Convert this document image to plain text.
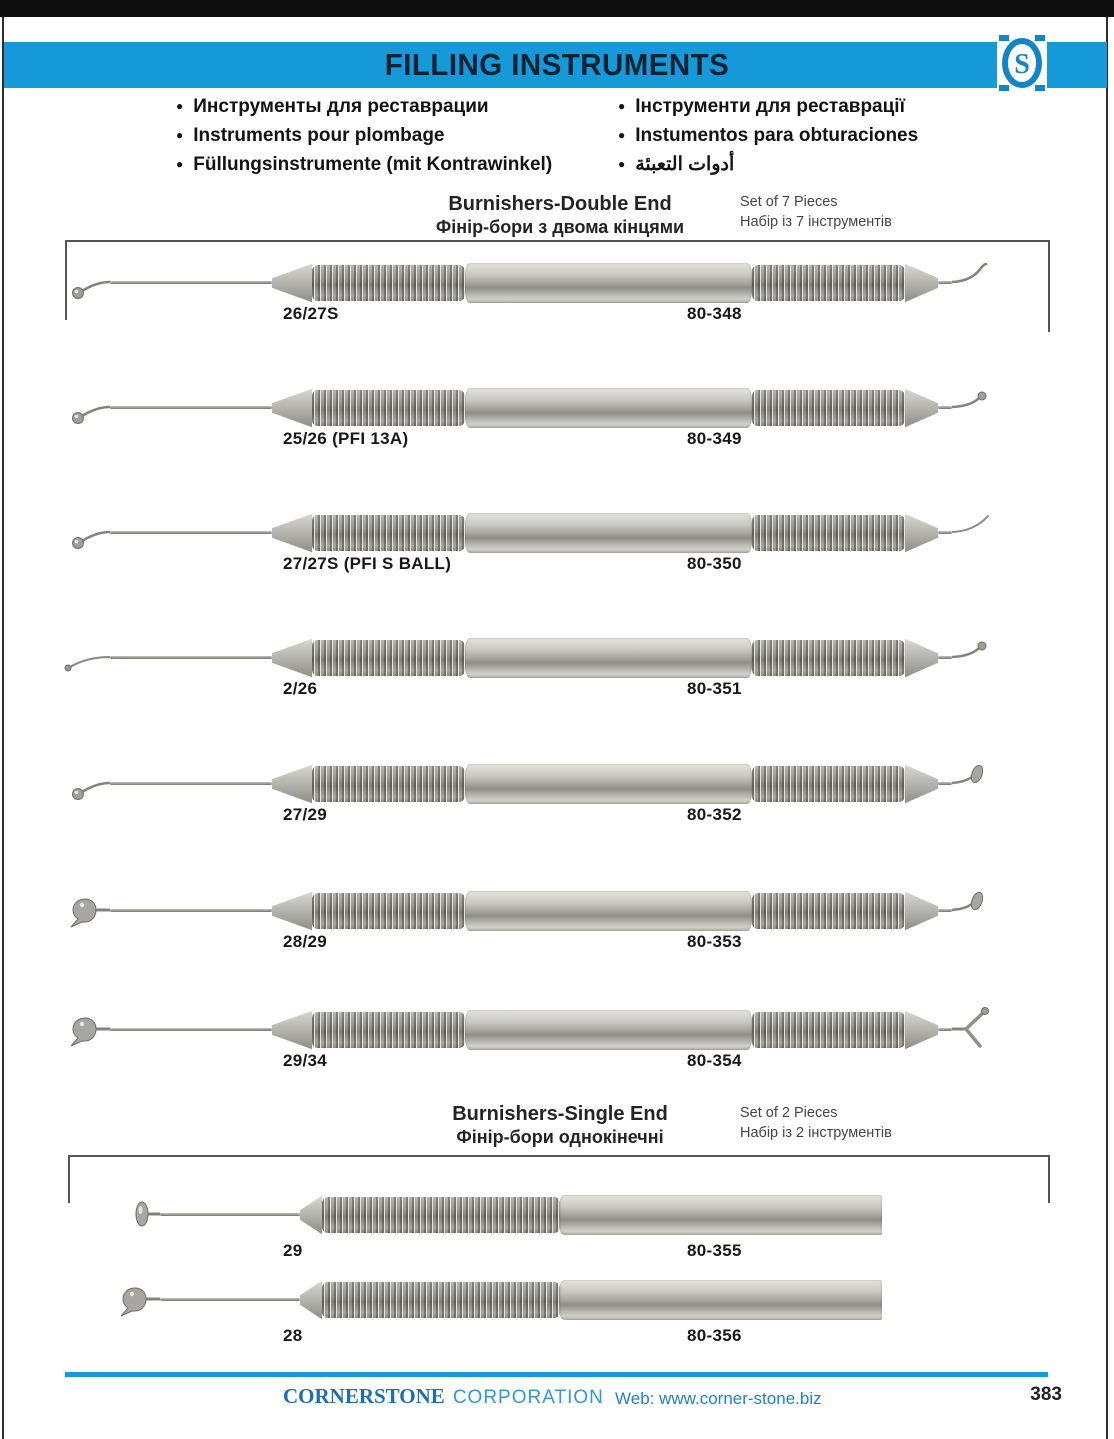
FILLING INSTRUMENTS	S
● Инструменты для реставрации
● Instruments pour plombage
● Füllungsinstrumente (mit Kontrawinkel)
● Інструменти для реставрації
● Instumentos para obturaciones
● أدوات التعبئة
Burnishers-Double End
Фінір-бори з двома кінцями
Set of 7 Pieces
Набір із 7 інструментів
Burnishers-Single End
Фінір-бори однокінечні
Set of 2 Pieces
Набір із 2 інструментів
26/27S	80-348
25/26 (PFI 13A)	80-349
27/27S (PFI S BALL)	80-350
2/26	80-351
27/29	80-352
28/29	80-353
29/34	80-354
29	80-355
28	80-356
CORNERSTONE CORPORATION Web: www.corner-stone.biz	383
